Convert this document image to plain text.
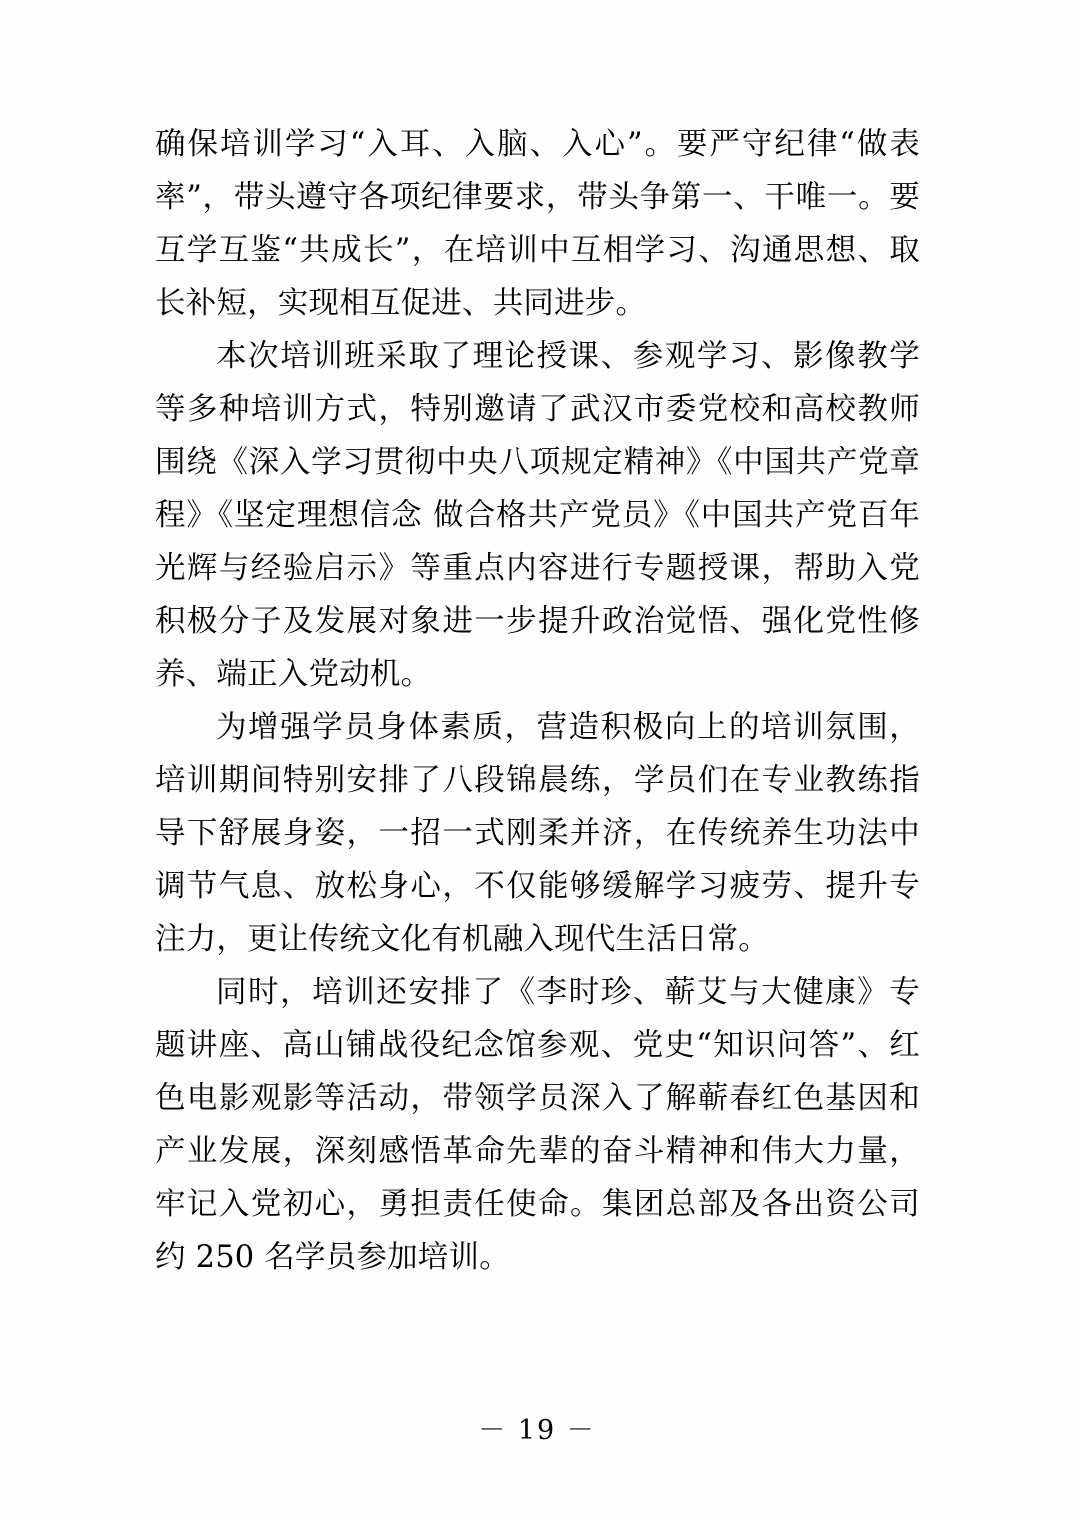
确保培训学习“入耳、入脑、入心”。要严守纪律“做表率”，带头遵守各项纪律要求，带头争第一、干唯一。要互学互鉴“共成长”，在培训中互相学习、沟通思想、取长补短，实现相互促进、共同进步。

本次培训班采取了理论授课、参观学习、影像教学等多种培训方式，特别邀请了武汉市委党校和高校教师围绕《深入学习贯彻中央八项规定精神》《中国共产党章程》《坚定理想信念 做合格共产党员》《中国共产党百年光辉与经验启示》等重点内容进行专题授课，帮助入党积极分子及发展对象进一步提升政治觉悟、强化党性修养、端正入党动机。

为增强学员身体素质，营造积极向上的培训氛围，培训期间特别安排了八段锦晨练，学员们在专业教练指导下舒展身姿，一招一式刚柔并济，在传统养生功法中调节气息、放松身心，不仅能够缓解学习疲劳、提升专注力，更让传统文化有机融入现代生活日常。

同时，培训还安排了《李时珍、蕲艾与大健康》专题讲座、高山铺战役纪念馆参观、党史“知识问答”、红色电影观影等活动，带领学员深入了解蕲春红色基因和产业发展，深刻感悟革命先辈的奋斗精神和伟大力量，牢记入党初心，勇担责任使命。集团总部及各出资公司约 250 名学员参加培训。

－ 19 －
